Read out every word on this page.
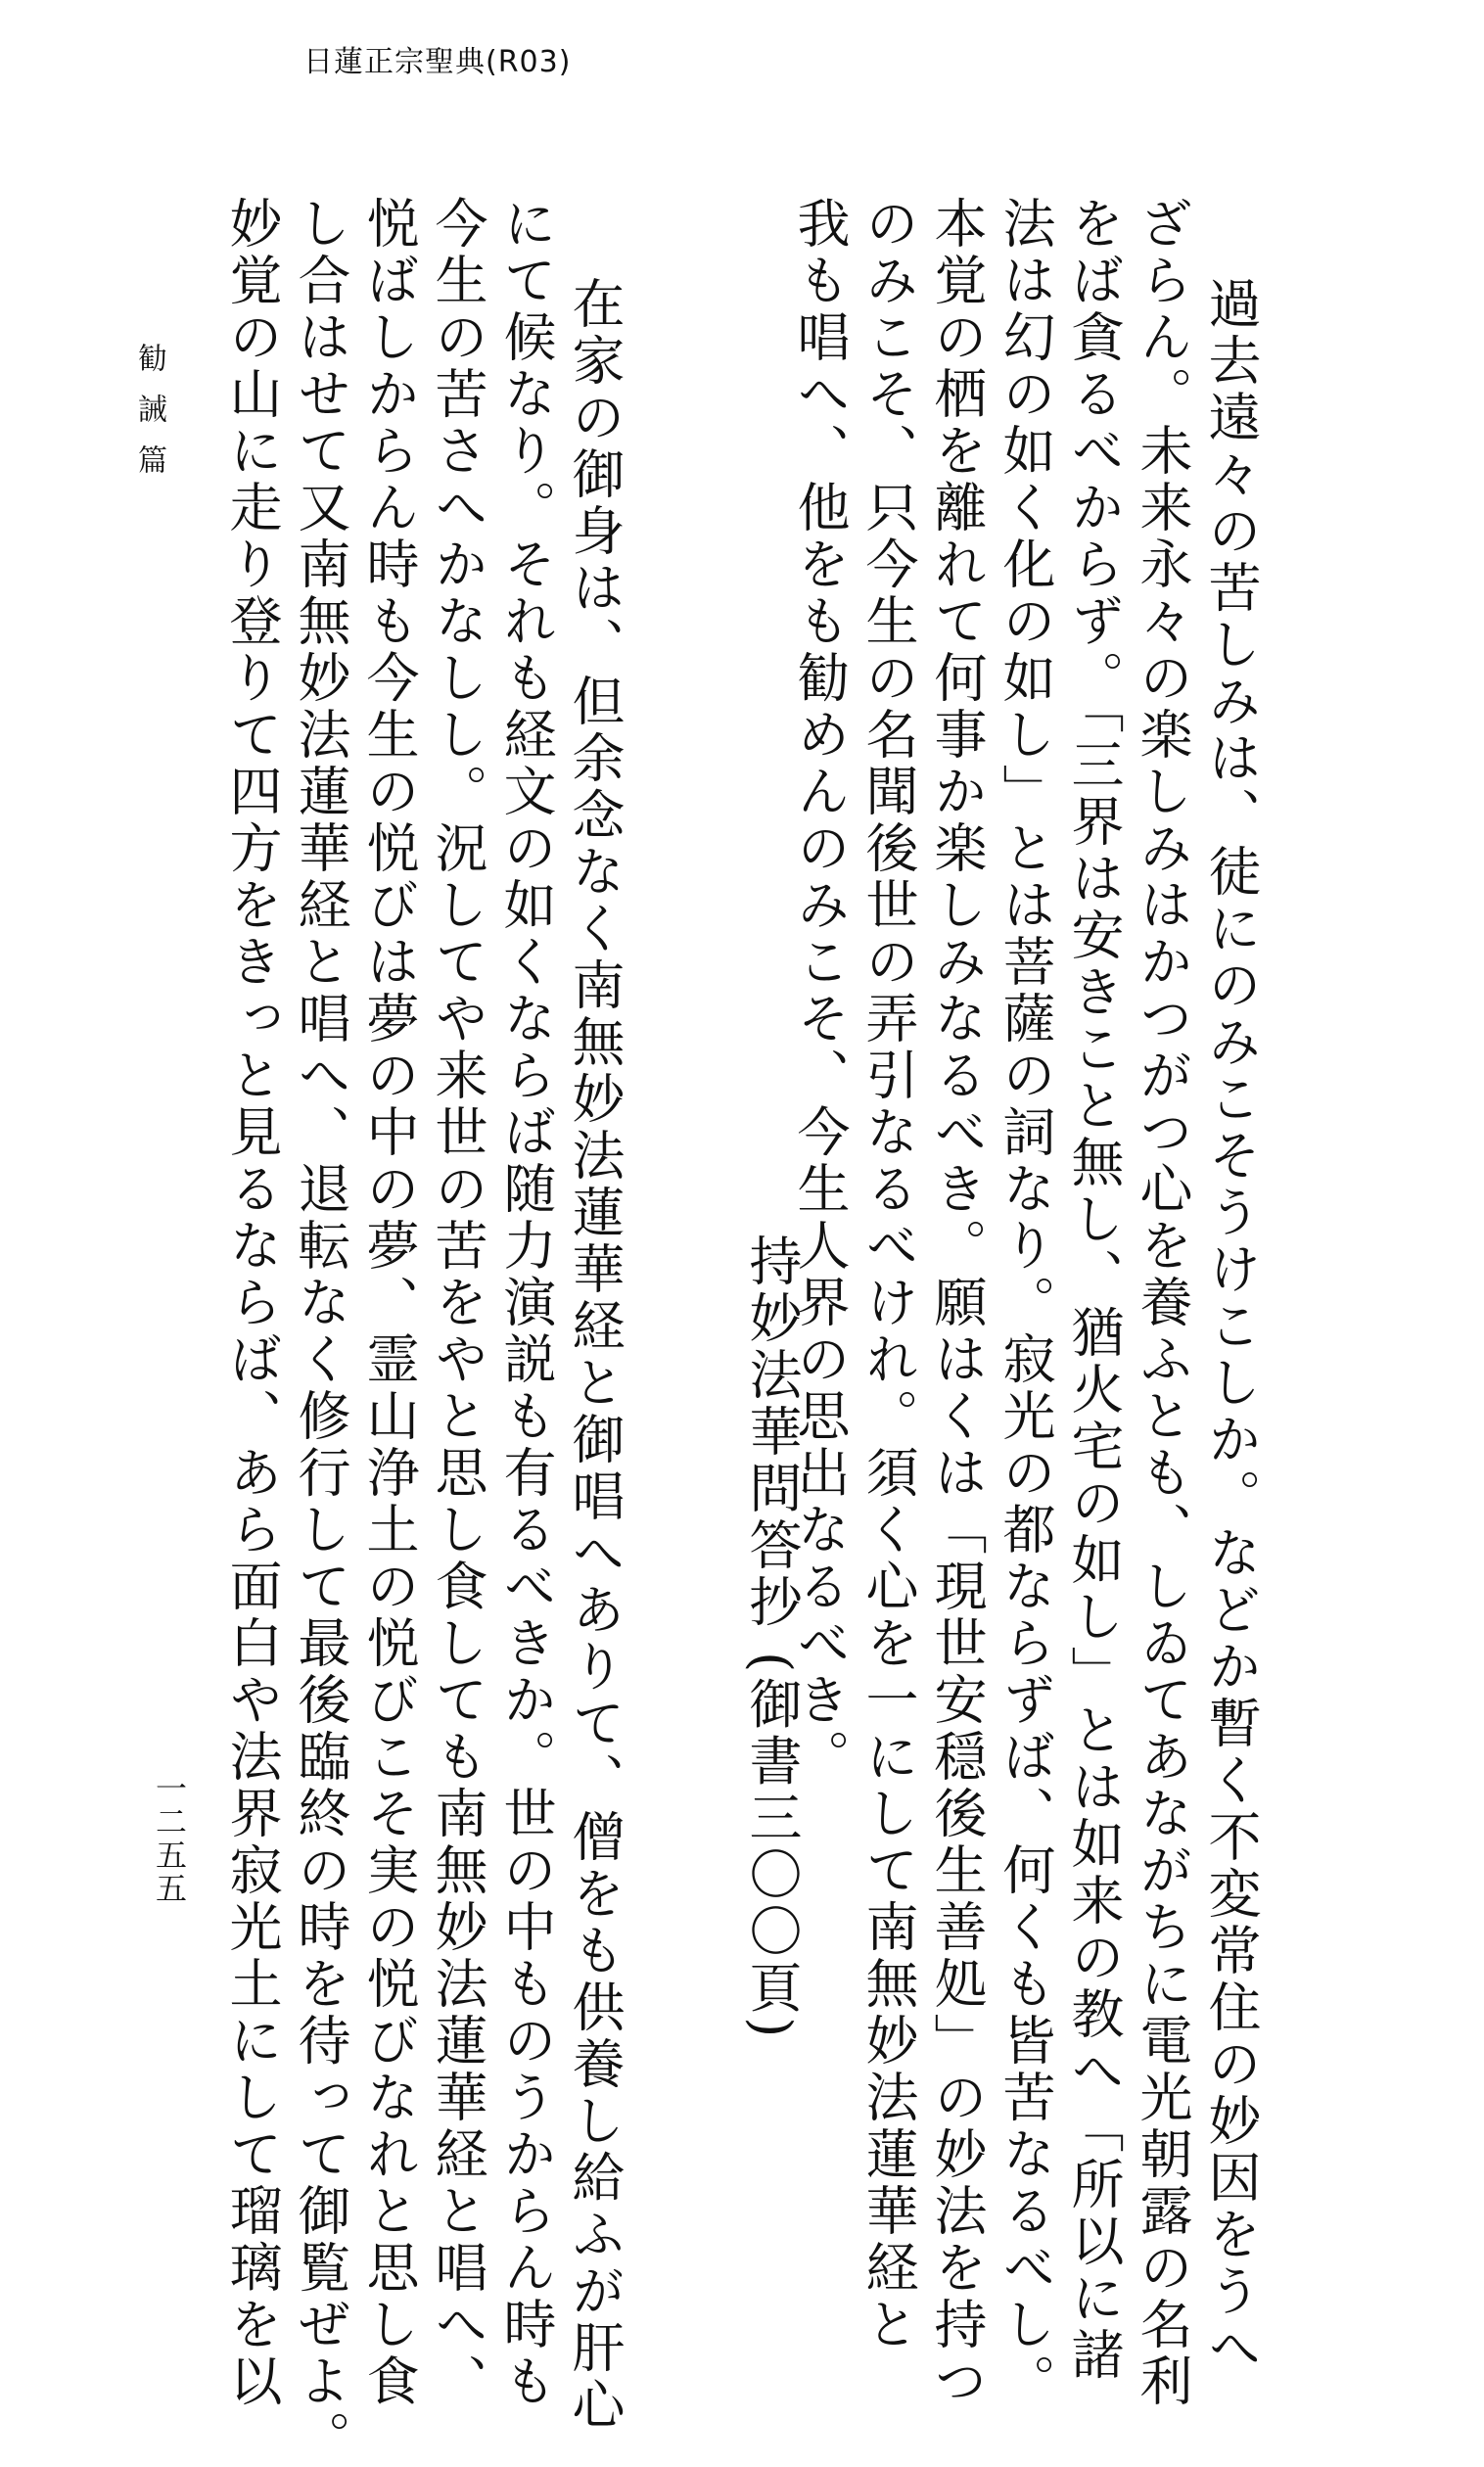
日蓮正宗聖典(R03)
過去遠々の苦しみは、徒にのみこそうけこしか。などか暫く不変常住の妙因をうへ
ざらん。未来永々の楽しみはかつがつ心を養ふとも、しゐてあながちに電光朝露の名利
をば貪るべからず。「三界は安きこと無し、猶火宅の如し」とは如来の教へ「所以に諸
法は幻の如く化の如し」とは菩薩の詞なり。寂光の都ならずば、何くも皆苦なるべし。
本覚の栖を離れて何事か楽しみなるべき。願はくは「現世安穏後生善処」の妙法を持つ
のみこそ、只今生の名聞後世の弄引なるべけれ。須く心を一にして南無妙法蓮華経と
我も唱へ、他をも勧めんのみこそ、今生人界の思出なるべき。
持妙法華問答抄 (御書三〇〇頁)
在家の御身は、但余念なく南無妙法蓮華経と御唱へありて、僧をも供養し給ふが肝心
にて候なり。それも経文の如くならば随力演説も有るべきか。世の中ものうからん時も
今生の苦さへかなしし。況してや来世の苦をやと思し食しても南無妙法蓮華経と唱へ、
悦ばしからん時も今生の悦びは夢の中の夢、霊山浄土の悦びこそ実の悦びなれと思し食
し合はせて又南無妙法蓮華経と唱へ、退転なく修行して最後臨終の時を待って御覧ぜよ。
妙覚の山に走り登りて四方をきっと見るならば、あら面白や法界寂光土にして瑠璃を以
勧誡篇
一二五五
